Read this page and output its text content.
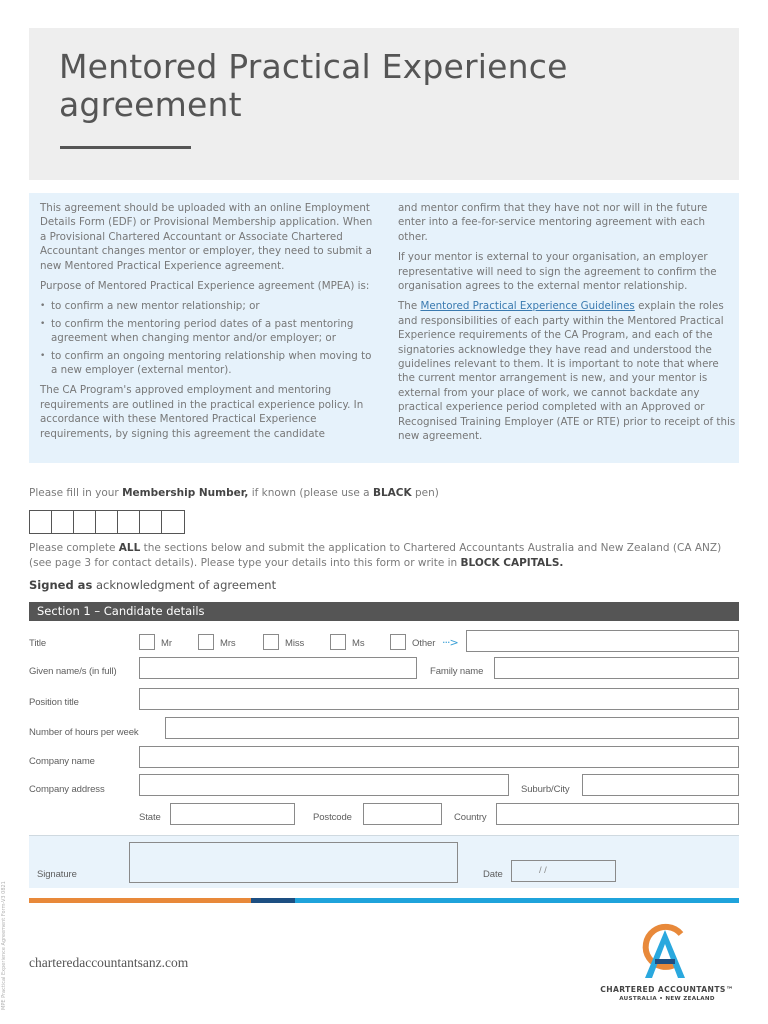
Mentored Practical Experience
agreement

This agreement should be uploaded with an online Employment Details Form (EDF) or Provisional Membership application. When a Provisional Chartered Accountant or Associate Chartered Accountant changes mentor or employer, they need to submit a new Mentored Practical Experience agreement.

Purpose of Mentored Practical Experience agreement (MPEA) is:

• to confirm a new mentor relationship; or
• to confirm the mentoring period dates of a past mentoring agreement when changing mentor and/or employer; or
• to confirm an ongoing mentoring relationship when moving to a new employer (external mentor).

The CA Program's approved employment and mentoring requirements are outlined in the practical experience policy. In accordance with these Mentored Practical Experience requirements, by signing this agreement the candidate

and mentor confirm that they have not nor will in the future enter into a fee-for-service mentoring agreement with each other.

If your mentor is external to your organisation, an employer representative will need to sign the agreement to confirm the organisation agrees to the external mentor relationship.

The Mentored Practical Experience Guidelines explain the roles and responsibilities of each party within the Mentored Practical Experience requirements of the CA Program, and each of the signatories acknowledge they have read and understood the guidelines relevant to them. It is important to note that where the current mentor arrangement is new, and your mentor is external from your place of work, we cannot backdate any practical experience period completed with an Approved or Recognised Training Employer (ATE or RTE) prior to receipt of this new agreement.

Please fill in your Membership Number, if known (please use a BLACK pen)
Please complete ALL the sections below and submit the application to Chartered Accountants Australia and New Zealand (CA ANZ) (see page 3 for contact details). Please type your details into this form or write in BLOCK CAPITALS.
Signed as acknowledgment of agreement
Section 1 – Candidate details
Title	Mr	Mrs	Miss	Ms	Other ···>
Given name/s (in full)	Family name
Position title
Number of hours per week
Company name
Company address	Suburb/City
State	Postcode	Country
Signature	Date	/ /
charteredaccountantsanz.com
CHARTERED ACCOUNTANTS™
AUSTRALIA • NEW ZEALAND
MPE Practical Experience Agreement Form-V3 0821
